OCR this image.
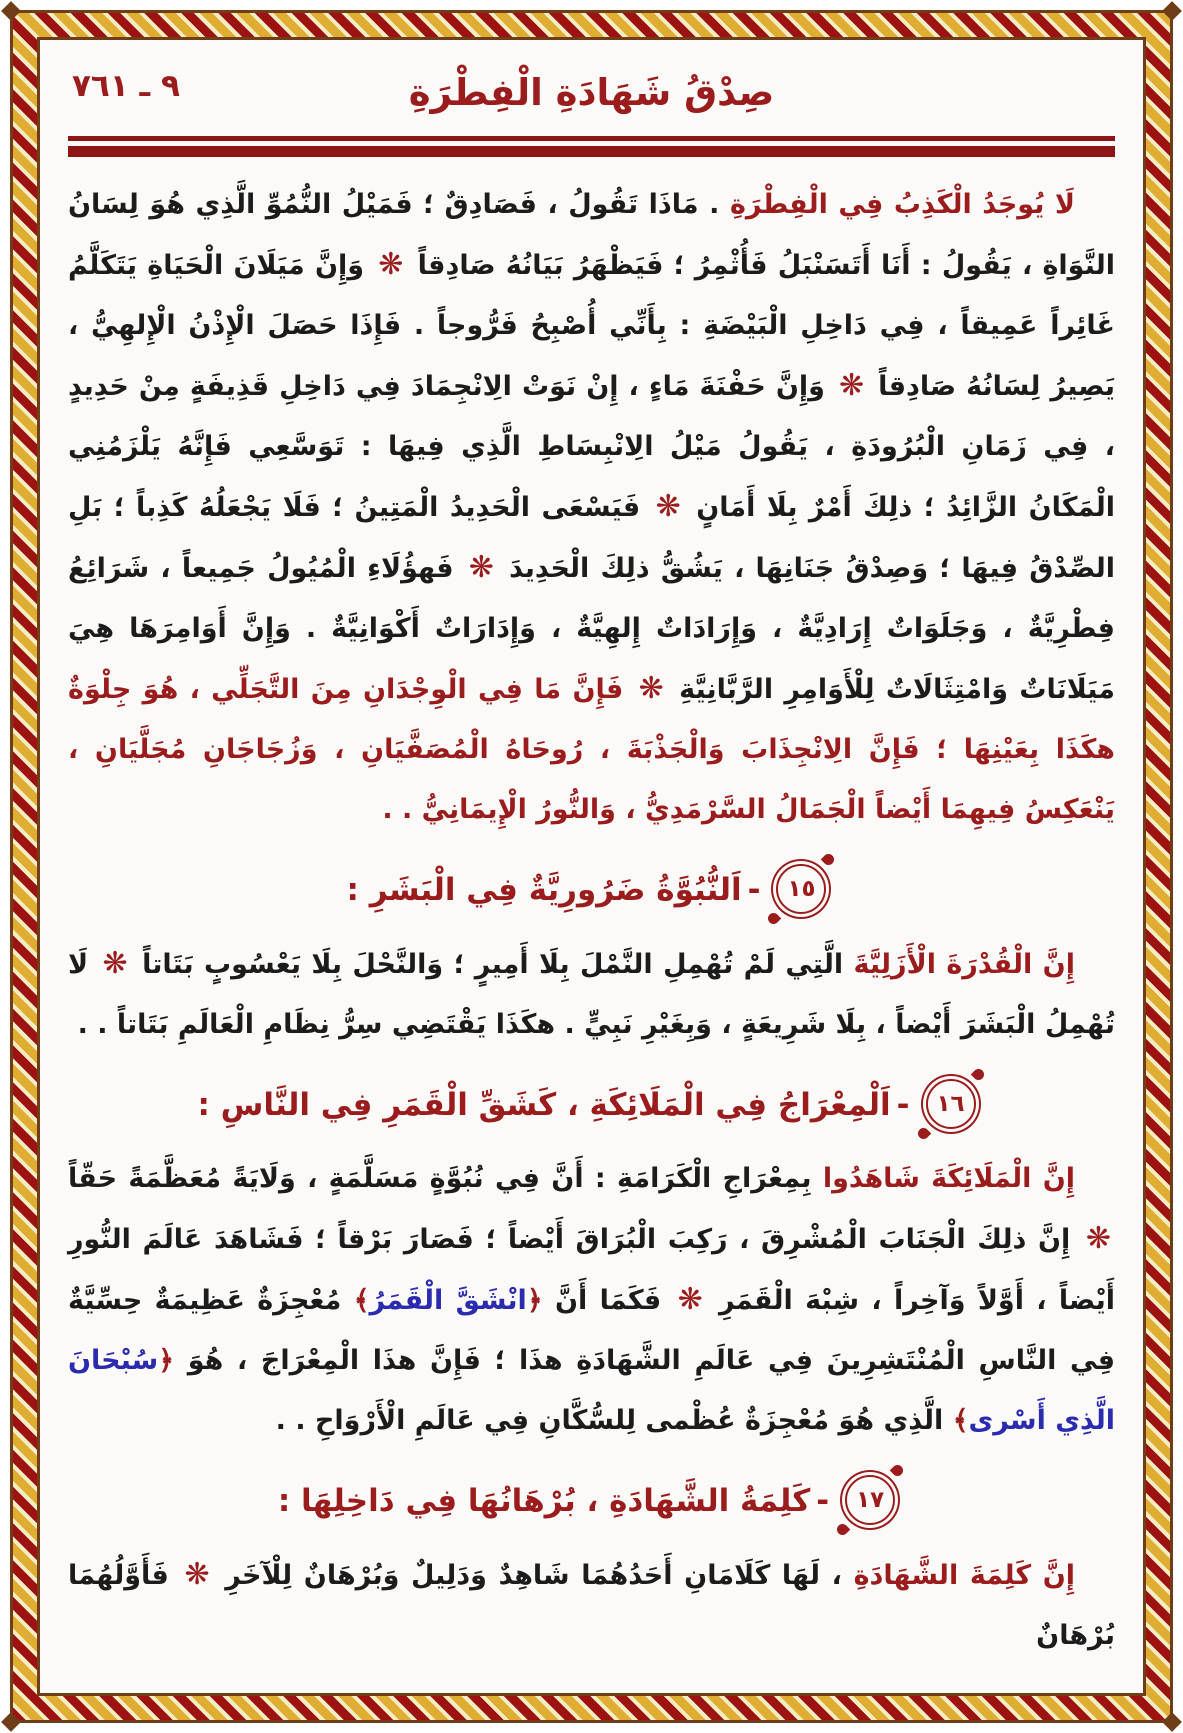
صِدْقُ شَهَادَةِ الْفِطْرَةِ
٩ ـ ٧٦١

لَا يُوجَدُ الْكَذِبُ فِي الْفِطْرَةِ . مَاذَا تَقُولُ ، فَصَادِقٌ ؛ فَمَيْلُ النُّمُوِّ الَّذِي هُوَ لِسَانُ النَّوَاةِ ، يَقُولُ : أَنَا أَتَسَنْبَلُ فَأُثْمِرُ ؛ فَيَظْهَرُ بَيَانُهُ صَادِقاً ❋ وَإِنَّ مَيَلَانَ الْحَيَاةِ يَتَكَلَّمُ غَائِراً عَمِيقاً ، فِي دَاخِلِ الْبَيْضَةِ : بِأَنِّي أُصْبِحُ فَرُّوجاً . فَإِذَا حَصَلَ الْإِذْنُ الْإِلهِيُّ ، يَصِيرُ لِسَانُهُ صَادِقاً ❋ وَإِنَّ حَفْنَةَ مَاءٍ ، إِنْ نَوَتْ الِانْجِمَادَ فِي دَاخِلِ قَذِيفَةٍ مِنْ حَدِيدٍ ، فِي زَمَانِ الْبُرُودَةِ ، يَقُولُ مَيْلُ الِانْبِسَاطِ الَّذِي فِيهَا : تَوَسَّعِي فَإِنَّهُ يَلْزَمُنِي الْمَكَانُ الزَّائِدُ ؛ ذلِكَ أَمْرٌ بِلَا أَمَانٍ ❋ فَيَسْعَى الْحَدِيدُ الْمَتِينُ ؛ فَلَا يَجْعَلُهُ كَذِباً ؛ بَلِ الصِّدْقُ فِيهَا ؛ وَصِدْقُ جَنَانِهَا ، يَشُقُّ ذلِكَ الْحَدِيدَ ❋ فَهؤُلَاءِ الْمُيُولُ جَمِيعاً ، شَرَائِعُ فِطْرِيَّةٌ ، وَجَلَوَاتٌ إِرَادِيَّةٌ ، وَإِرَادَاتٌ إِلهِيَّةٌ ، وَإِدَارَاتٌ أَكْوَانِيَّةٌ . وَإِنَّ أَوَامِرَهَا هِيَ مَيَلَانَاتٌ وَامْتِثَالَاتٌ لِلْأَوَامِرِ الرَّبَّانِيَّةِ ❋ فَإِنَّ مَا فِي الْوِجْدَانِ مِنَ التَّجَلِّي ، هُوَ جِلْوَةٌ هكَذَا بِعَيْنِهَا ؛ فَإِنَّ الِانْجِذَابَ وَالْجَذْبَةَ ، رُوحَاهُ الْمُصَفَّيَانِ ، وَزُجَاجَانِ مُجَلَّيَانِ ، يَنْعَكِسُ فِيهِمَا أَيْضاً الْجَمَالُ السَّرْمَدِيُّ ، وَالنُّورُ الْإِيمَانِيُّ . .

١٥-اَلنُّبُوَّةُ ضَرُورِيَّةٌ فِي الْبَشَرِ :

إِنَّ الْقُدْرَةَ الْأَزَلِيَّةَ الَّتِي لَمْ تُهْمِلِ النَّمْلَ بِلَا أَمِيرٍ ؛ وَالنَّحْلَ بِلَا يَعْسُوبٍ بَتَاتاً ❋ لَا تُهْمِلُ الْبَشَرَ أَيْضاً ، بِلَا شَرِيعَةٍ ، وَبِغَيْرِ نَبِيٍّ . هكَذَا يَقْتَضِي سِرُّ نِظَامِ الْعَالَمِ بَتَاتاً . .

١٦-اَلْمِعْرَاجُ فِي الْمَلَائِكَةِ ، كَشَقِّ الْقَمَرِ فِي النَّاسِ :

إِنَّ الْمَلَائِكَةَ شَاهَدُوا بِمِعْرَاجِ الْكَرَامَةِ : أَنَّ فِي نُبُوَّةٍ مَسَلَّمَةٍ ، وَلَايَةً مُعَظَّمَةً حَقّاً ❋ إِنَّ ذلِكَ الْجَنَابَ الْمُشْرِقَ ، رَكِبَ الْبُرَاقَ أَيْضاً ؛ فَصَارَ بَرْقاً ؛ فَشَاهَدَ عَالَمَ النُّورِ أَيْضاً ، أَوَّلاً وَآخِراً ، شِبْهَ الْقَمَرِ ❋ فَكَمَا أَنَّ ﴿انْشَقَّ الْقَمَرُ﴾ مُعْجِزَةٌ عَظِيمَةٌ حِسِّيَّةٌ فِي النَّاسِ الْمُنْتَشِرِينَ فِي عَالَمِ الشَّهَادَةِ هذَا ؛ فَإِنَّ هذَا الْمِعْرَاجَ ، هُوَ ﴿سُبْحَانَ الَّذِي أَسْرى﴾ الَّذِي هُوَ مُعْجِزَةٌ عُظْمى لِلسُّكَّانِ فِي عَالَمِ الْأَرْوَاحِ . .

١٧-كَلِمَةُ الشَّهَادَةِ ، بُرْهَانُهَا فِي دَاخِلِهَا :

إِنَّ كَلِمَةَ الشَّهَادَةِ ، لَهَا كَلَامَانِ أَحَدُهُمَا شَاهِدٌ وَدَلِيلٌ وَبُرْهَانٌ لِلْآخَرِ ❋ فَأَوَّلُهُمَا بُرْهَانٌ
